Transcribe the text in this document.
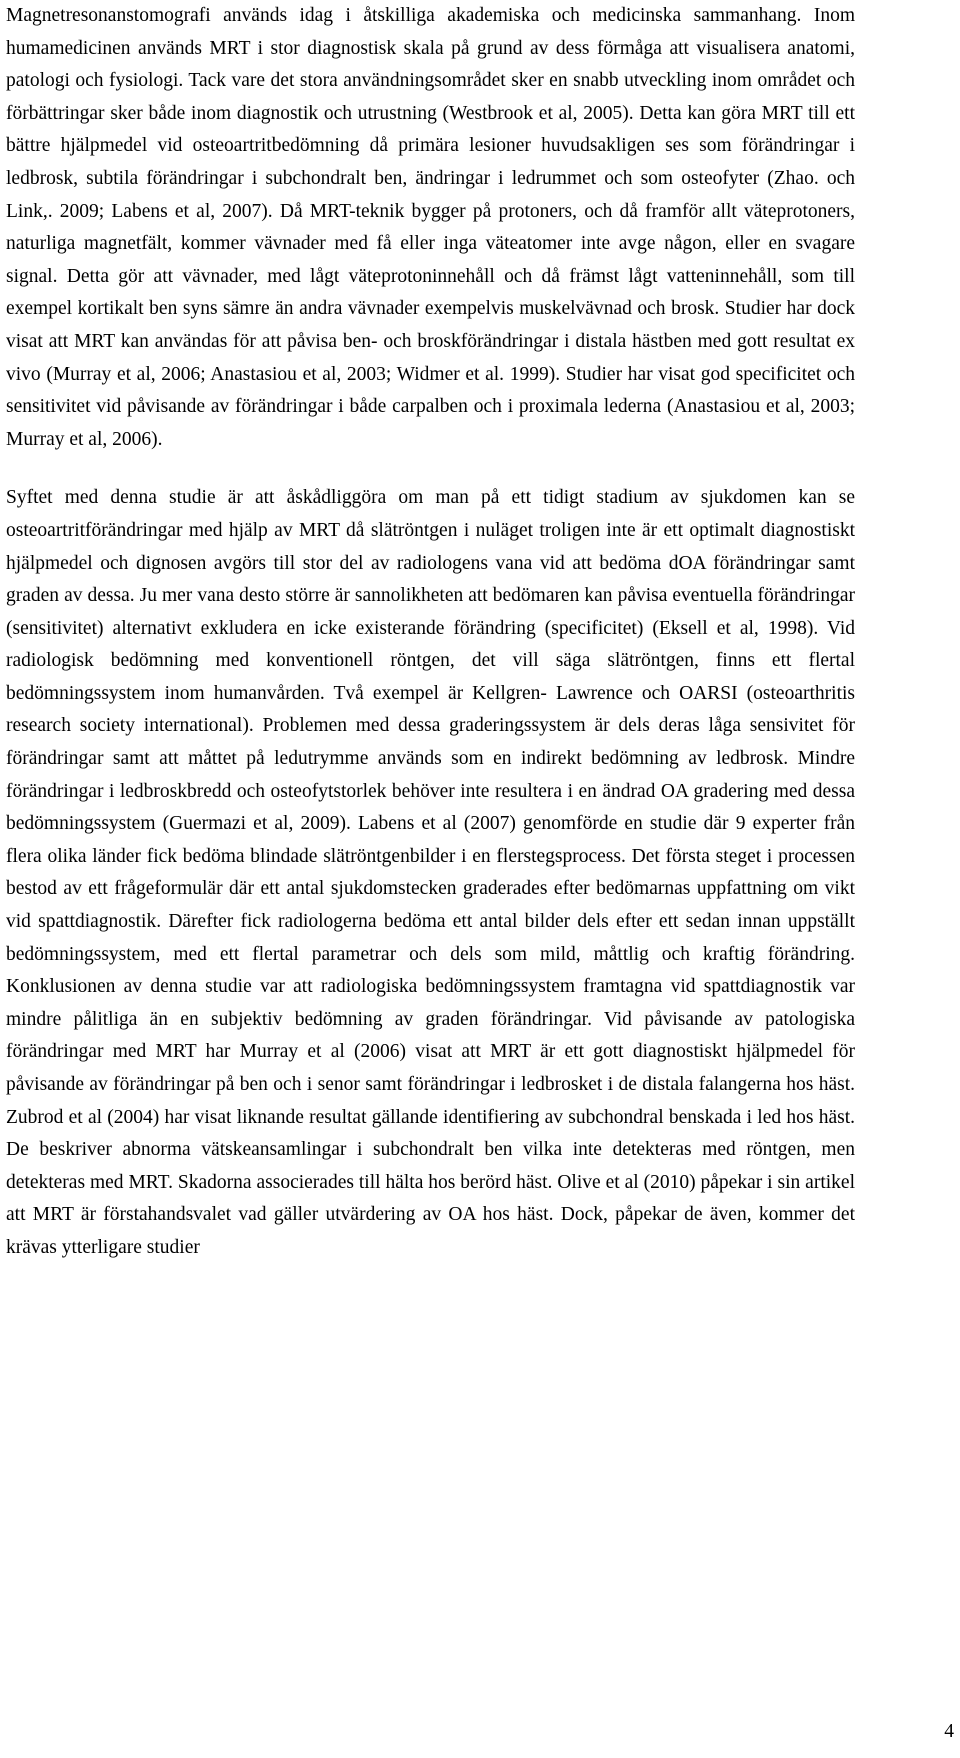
Magnetresonanstomografi används idag i åtskilliga akademiska och medicinska sammanhang. Inom humamedicinen används MRT i stor diagnostisk skala på grund av dess förmåga att visualisera anatomi, patologi och fysiologi. Tack vare det stora användningsområdet sker en snabb utveckling inom området och förbättringar sker både inom diagnostik och utrustning (Westbrook et al, 2005). Detta kan göra MRT till ett bättre hjälpmedel vid osteoartritbedömning då primära lesioner huvudsakligen ses som förändringar i ledbrosk, subtila förändringar i subchondralt ben, ändringar i ledrummet och som osteofyter (Zhao. och Link,. 2009; Labens et al, 2007). Då MRT-teknik bygger på protoners, och då framför allt väteprotoners, naturliga magnetfält, kommer vävnader med få eller inga väteatomer inte avge någon, eller en svagare signal. Detta gör att vävnader, med lågt väteprotoninnehåll och då främst lågt vatteninnehåll, som till exempel kortikalt ben syns sämre än andra vävnader exempelvis muskelvävnad och brosk. Studier har dock visat att MRT kan användas för att påvisa ben- och broskförändringar i distala hästben med gott resultat ex vivo (Murray et al, 2006; Anastasiou et al, 2003; Widmer et al. 1999). Studier har visat god specificitet och sensitivitet vid påvisande av förändringar i både carpalben och i proximala lederna (Anastasiou et al, 2003; Murray et al, 2006).

Syftet med denna studie är att åskådliggöra om man på ett tidigt stadium av sjukdomen kan se osteoartritförändringar med hjälp av MRT då slätröntgen i nuläget troligen inte är ett optimalt diagnostiskt hjälpmedel och dignosen avgörs till stor del av radiologens vana vid att bedöma dOA förändringar samt graden av dessa. Ju mer vana desto större är sannolikheten att bedömaren kan påvisa eventuella förändringar (sensitivitet) alternativt exkludera en icke existerande förändring (specificitet) (Eksell et al, 1998). Vid radiologisk bedömning med konventionell röntgen, det vill säga slätröntgen, finns ett flertal bedömningssystem inom humanvården. Två exempel är Kellgren- Lawrence och OARSI (osteoarthritis research society international). Problemen med dessa graderingssystem är dels deras låga sensivitet för förändringar samt att måttet på ledutrymme används som en indirekt bedömning av ledbrosk. Mindre förändringar i ledbroskbredd och osteofytstorlek behöver inte resultera i en ändrad OA gradering med dessa bedömningssystem (Guermazi et al, 2009). Labens et al (2007) genomförde en studie där 9 experter från flera olika länder fick bedöma blindade slätröntgenbilder i en flerstegsprocess. Det första steget i processen bestod av ett frågeformulär där ett antal sjukdomstecken graderades efter bedömarnas uppfattning om vikt vid spattdiagnostik. Därefter fick radiologerna bedöma ett antal bilder dels efter ett sedan innan uppställt bedömningssystem, med ett flertal parametrar och dels som mild, måttlig och kraftig förändring. Konklusionen av denna studie var att radiologiska bedömningssystem framtagna vid spattdiagnostik var mindre pålitliga än en subjektiv bedömning av graden förändringar. Vid påvisande av patologiska förändringar med MRT har Murray et al (2006) visat att MRT är ett gott diagnostiskt hjälpmedel för påvisande av förändringar på ben och i senor samt förändringar i ledbrosket i de distala falangerna hos häst. Zubrod et al (2004) har visat liknande resultat gällande identifiering av subchondral benskada i led hos häst. De beskriver abnorma vätskeansamlingar i subchondralt ben vilka inte detekteras med röntgen, men detekteras med MRT. Skadorna associerades till hälta hos berörd häst. Olive et al (2010) påpekar i sin artikel att MRT är förstahandsvalet vad gäller utvärdering av OA hos häst. Dock, påpekar de även, kommer det krävas ytterligare studier

4
